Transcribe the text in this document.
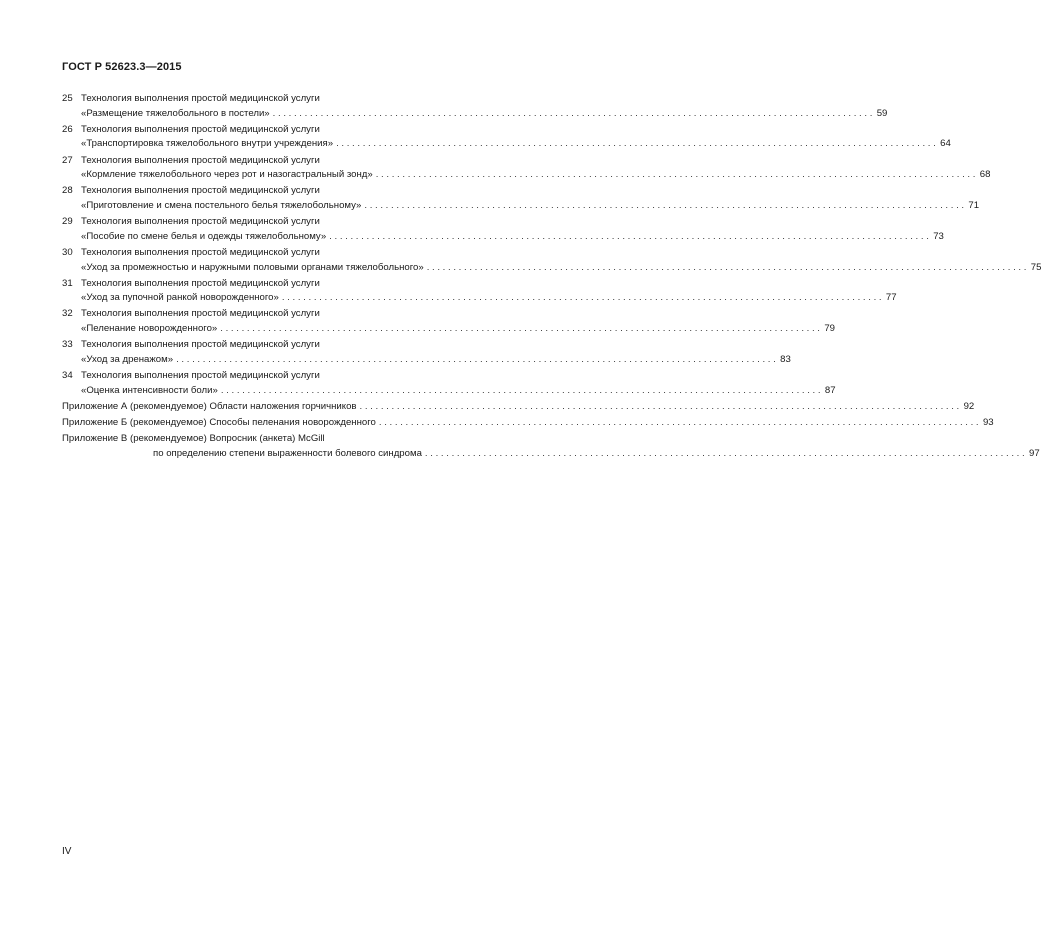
ГОСТ Р 52623.3—2015
25 Технология выполнения простой медицинской услуги
«Размещение тяжелобольного в постели» . . .	59
26 Технология выполнения простой медицинской услуги
«Транспортировка тяжелобольного внутри учреждения» . . .	64
27 Технология выполнения простой медицинской услуги
«Кормление тяжелобольного через рот и назогастральный зонд» . . .	68
28 Технология выполнения простой медицинской услуги
«Приготовление и смена постельного белья тяжелобольному» . . .	71
29 Технология выполнения простой медицинской услуги
«Пособие по смене белья и одежды тяжелобольному» . . .	73
30 Технология выполнения простой медицинской услуги
«Уход за промежностью и наружными половыми органами тяжелобольного» . . .	75
31 Технология выполнения простой медицинской услуги
«Уход за пупочной ранкой новорожденного» . . .	77
32 Технология выполнения простой медицинской услуги
«Пеленание новорожденного» . . .	79
33 Технология выполнения простой медицинской услуги
«Уход за дренажом» . . .	83
34 Технология выполнения простой медицинской услуги
«Оценка интенсивности боли» . . .	87
Приложение А (рекомендуемое) Области наложения горчичников . . .	92
Приложение Б (рекомендуемое) Способы пеленания новорожденного . . .	93
Приложение В (рекомендуемое) Вопросник (анкета) McGill
по определению степени выраженности болевого синдрома . . .	97
IV
